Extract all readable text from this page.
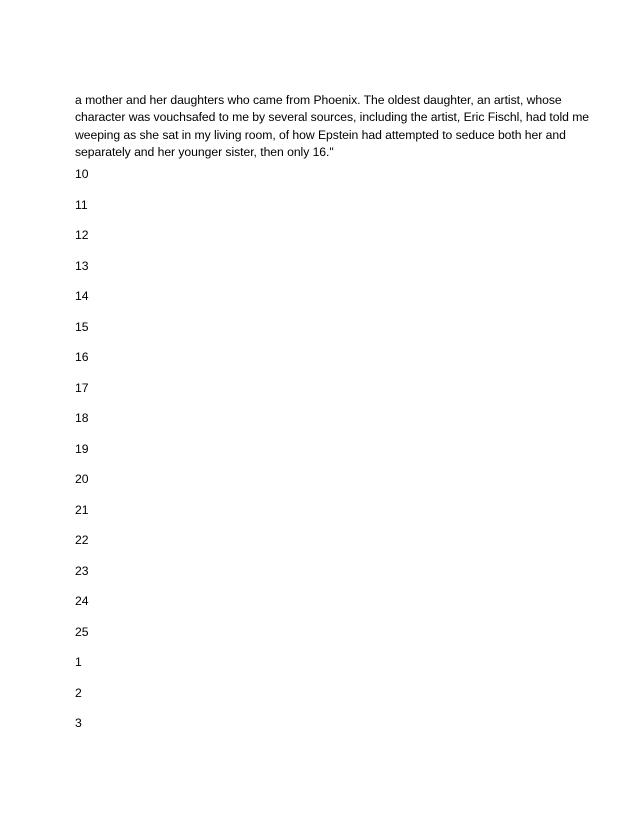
a mother and her daughters who came from Phoenix. The oldest daughter, an artist, whose
character was vouchsafed to me by several sources, including the artist, Eric Fischl, had told me
weeping as she sat in my living room, of how Epstein had attempted to seduce both her and
separately and her younger sister, then only 16."
10
11
12
13
14
15
16
17
18
19
20
21
22
23
24
25
1
2
3
